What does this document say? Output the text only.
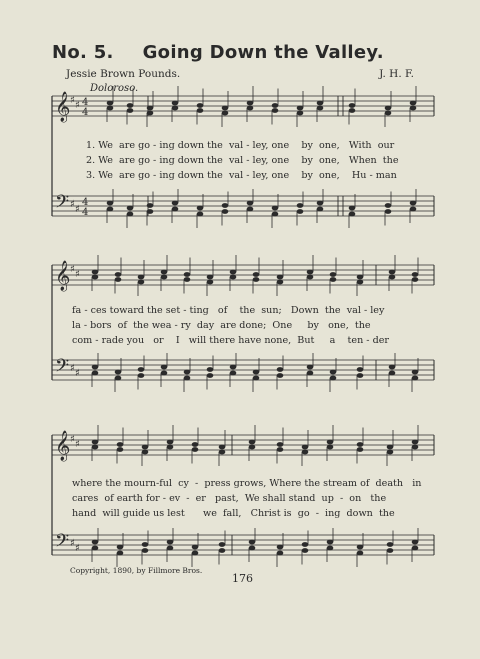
No. 5. Going Down the Valley.
Jessie Brown Pounds.	J. H. F.
Doloroso.
𝄞
𝄢
♯ ♯
♯ ♯
4
4
4
4
𝄞
𝄢
♯ ♯
♯ ♯
𝄞
𝄢
♯ ♯
♯ ♯
1. We  are go - ing down the  val - ley, one    by  one,   With  our
2. We  are go - ing down the  val - ley, one    by  one,   When  the
3. We  are go - ing down the  val - ley, one    by  one,    Hu - man
fa - ces toward the set - ting   of    the  sun;   Down  the  val - ley
la - bors  of  the wea - ry  day  are done;  One     by   one,  the
com - rade you   or    I   will there have none,  But     a    ten - der
where the mourn-ful  cy  -  press grows, Where the stream of  death   in
cares  of earth for - ev  -  er   past,  We shall stand  up  -  on   the
hand  will guide us lest      we  fall,   Christ is  go  -  ing  down  the
Copyright, 1890, by Fillmore Bros.
176
